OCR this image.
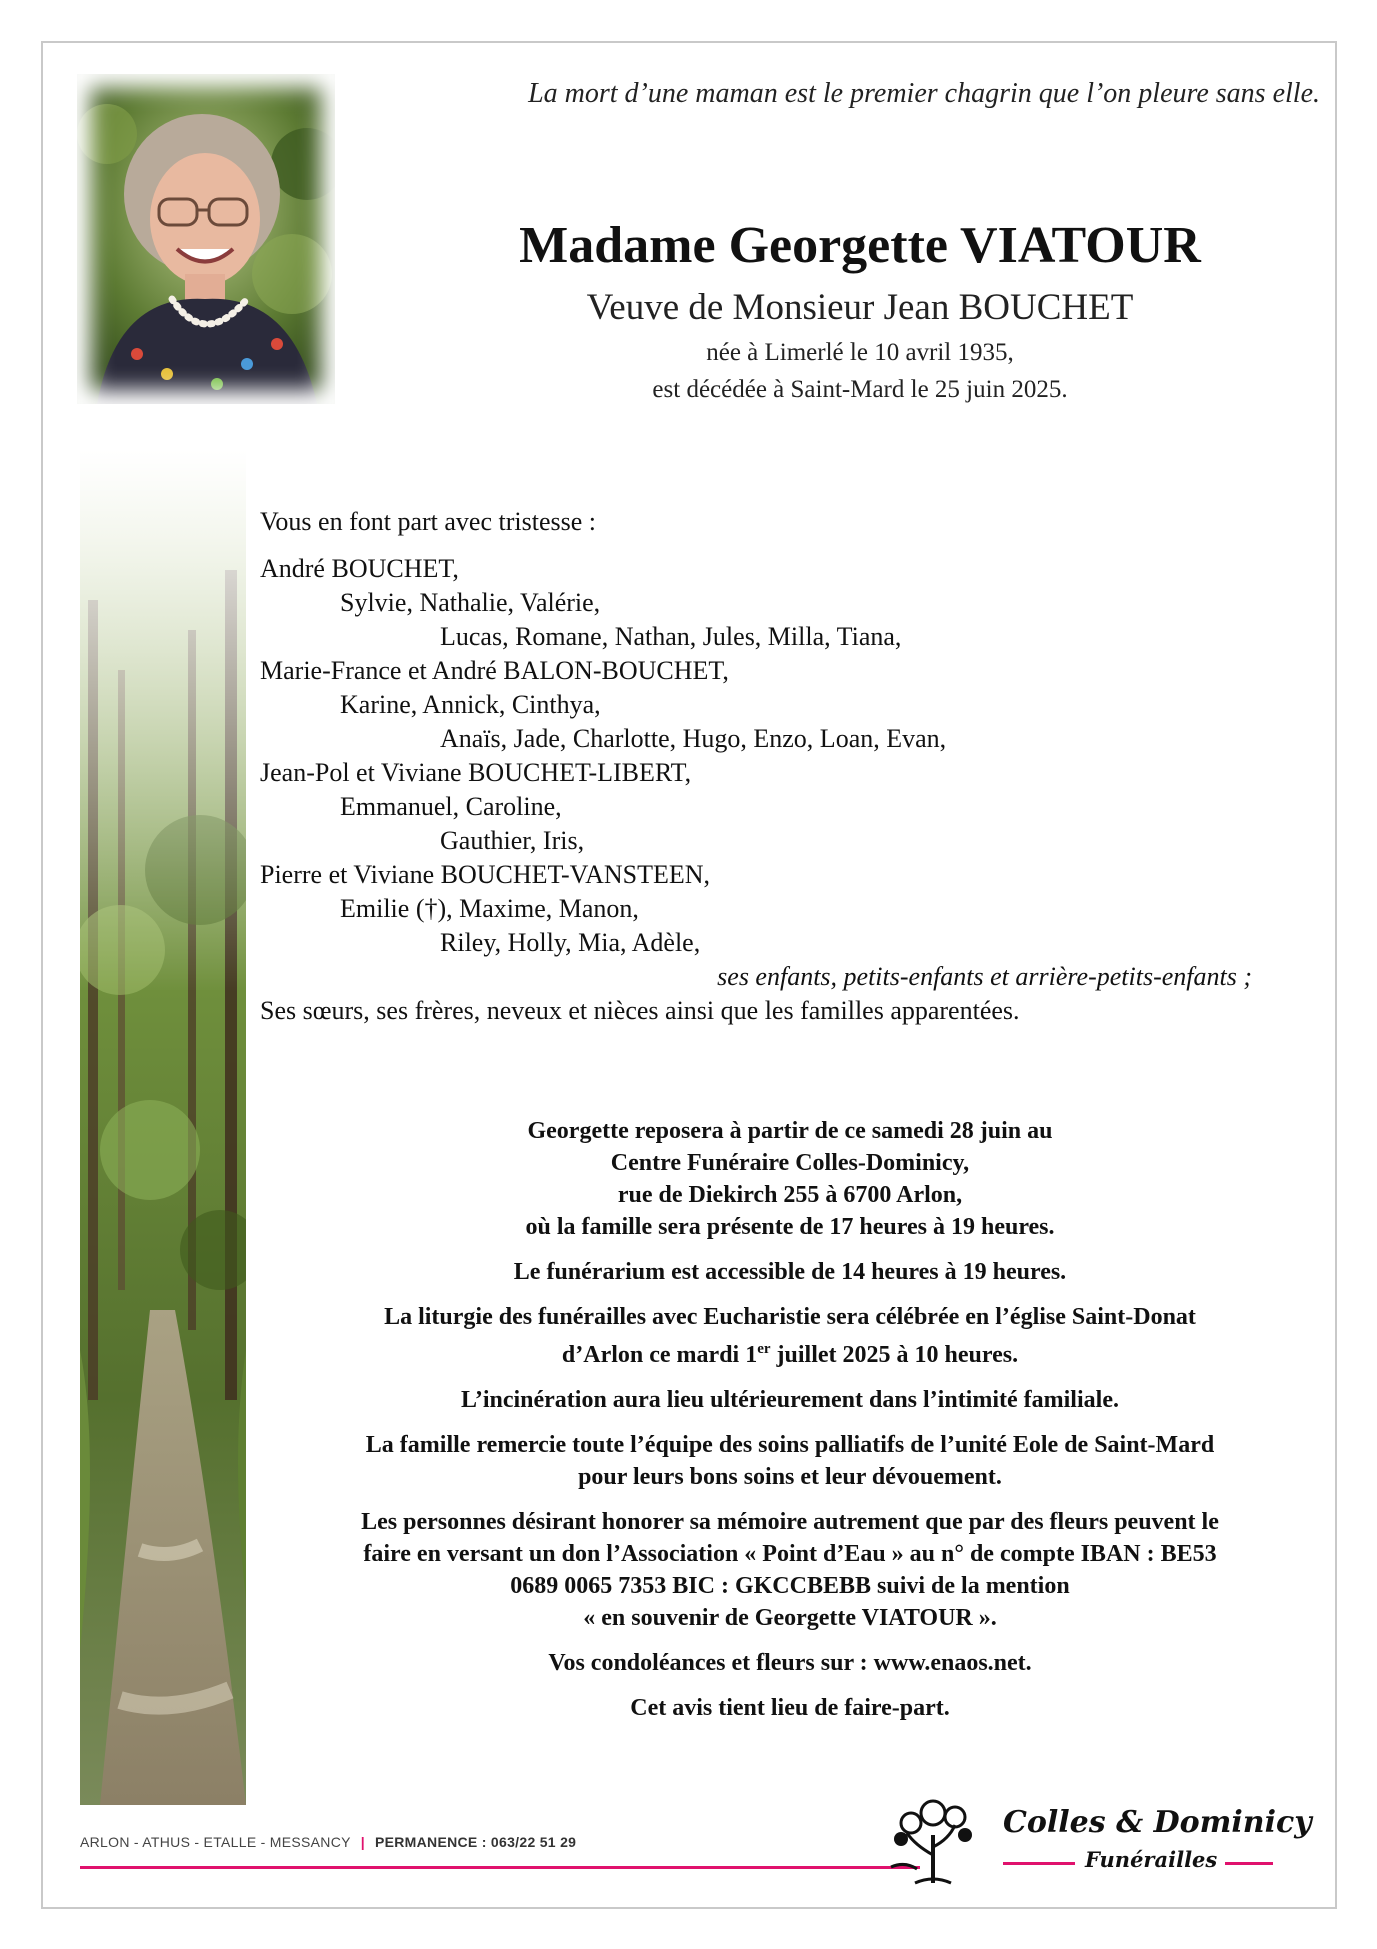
La mort d’une maman est le premier chagrin que l’on pleure sans elle.
Madame Georgette VIATOUR
Veuve de Monsieur Jean BOUCHET
née à Limerlé le 10 avril 1935,
est décédée à Saint-Mard le 25 juin 2025.
Vous en font part avec tristesse :
André BOUCHET,
Sylvie, Nathalie, Valérie,
Lucas, Romane, Nathan, Jules, Milla, Tiana,
Marie-France et André BALON-BOUCHET,
Karine, Annick, Cinthya,
Anaïs, Jade, Charlotte, Hugo, Enzo, Loan, Evan,
Jean-Pol et Viviane BOUCHET-LIBERT,
Emmanuel, Caroline,
Gauthier, Iris,
Pierre et Viviane BOUCHET-VANSTEEN,
Emilie (†), Maxime, Manon,
Riley, Holly, Mia, Adèle,
ses enfants, petits-enfants et arrière-petits-enfants ;
Ses sœurs, ses frères, neveux et nièces ainsi que les familles apparentées.

Georgette reposera à partir de ce samedi 28 juin au
Centre Funéraire Colles-Dominicy,
rue de Diekirch 255 à 6700 Arlon,
où la famille sera présente de 17 heures à 19 heures.

Le funérarium est accessible de 14 heures à 19 heures.

La liturgie des funérailles avec Eucharistie sera célébrée en l’église Saint-Donat
d’Arlon ce mardi 1er juillet 2025 à 10 heures.

L’incinération aura lieu ultérieurement dans l’intimité familiale.

La famille remercie toute l’équipe des soins palliatifs de l’unité Eole de Saint-Mard
pour leurs bons soins et leur dévouement.

Les personnes désirant honorer sa mémoire autrement que par des fleurs peuvent le
faire en versant un don l’Association « Point d’Eau » au n° de compte IBAN : BE53
0689 0065 7353 BIC : GKCCBEBB suivi de la mention
« en souvenir de Georgette VIATOUR ».

Vos condoléances et fleurs sur : www.enaos.net.

Cet avis tient lieu de faire-part.

ARLON - ATHUS - ETALLE - MESSANCY | PERMANENCE : 063/22 51 29
Colles & Dominicy
Funérailles
